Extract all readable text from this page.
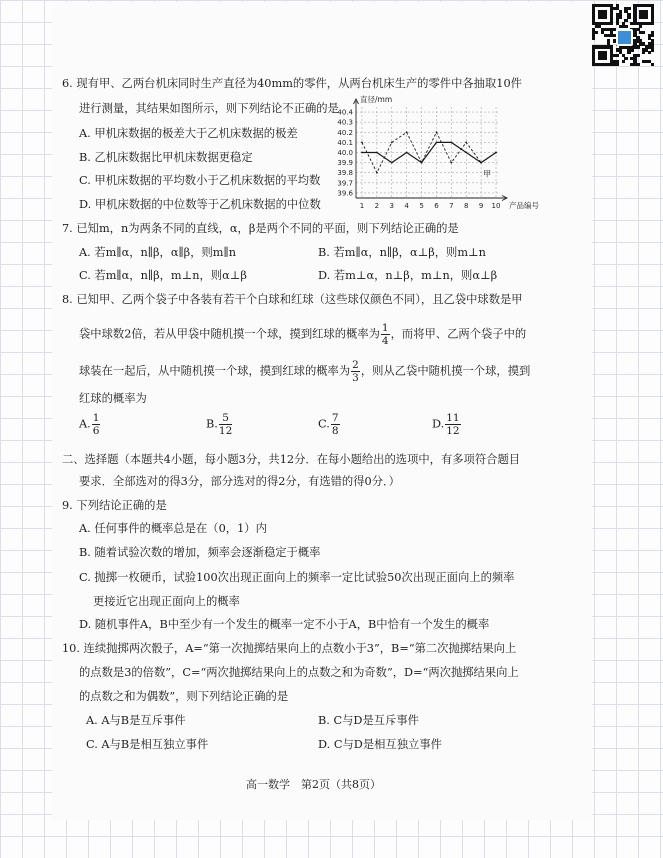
6. 现有甲、乙两台机床同时生产直径为40mm的零件，从两台机床生产的零件中各抽取10件
进行测量，其结果如图所示，则下列结论不正确的是
A. 甲机床数据的极差大于乙机床数据的极差
B. 乙机床数据比甲机床数据更稳定
C. 甲机床数据的平均数小于乙机床数据的平均数
D. 甲机床数据的中位数等于乙机床数据的中位数
40.4
40.3
40.2
40.1
40.0
39.9
39.8
39.7
39.6
1 2 3 4 5 6 7 8 9 10
直径/mm
产品编号
甲
7. 已知m，n为两条不同的直线，α，β是两个不同的平面，则下列结论正确的是
A. 若m∥α，n∥β，α∥β，则m∥n	B. 若m∥α，n∥β，α⊥β，则m⊥n
C. 若m∥α，n∥β，m⊥n，则α⊥β	D. 若m⊥α，n⊥β，m⊥n，则α⊥β
8. 已知甲、乙两个袋子中各装有若干个白球和红球（这些球仅颜色不同），且乙袋中球数是甲
袋中球数2倍，若从甲袋中随机摸一个球，摸到红球的概率为 $\frac{1}{4}$ ，而将甲、乙两个袋子中的
球装在一起后，从中随机摸一个球，摸到红球的概率为 $\frac{2}{3}$ ，则从乙袋中随机摸一个球，摸到
红球的概率为
A. $\frac{1}{6}$	B. $\frac{5}{12}$	C. $\frac{7}{8}$	D. $\frac{11}{12}$
二、选择题（本题共4小题，每小题3分，共12分．在每小题给出的选项中，有多项符合题目
要求．全部选对的得3分，部分选对的得2分，有选错的得0分．）
9. 下列结论正确的是
A. 任何事件的概率总是在（0，1）内
B. 随着试验次数的增加，频率会逐渐稳定于概率
C. 抛掷一枚硬币，试验100次出现正面向上的频率一定比试验50次出现正面向上的频率
更接近它出现正面向上的概率
D. 随机事件A，B中至少有一个发生的概率一定不小于A，B中恰有一个发生的概率
10. 连续抛掷两次骰子，A=“第一次抛掷结果向上的点数小于3”，B=“第二次抛掷结果向上
的点数是3的倍数”，C=“两次抛掷结果向上的点数之和为奇数”，D=“两次抛掷结果向上
的点数之和为偶数”，则下列结论正确的是
A. A与B是互斥事件	B. C与D是互斥事件
C. A与B是相互独立事件	D. C与D是相互独立事件
高一数学　第2页（共8页）
